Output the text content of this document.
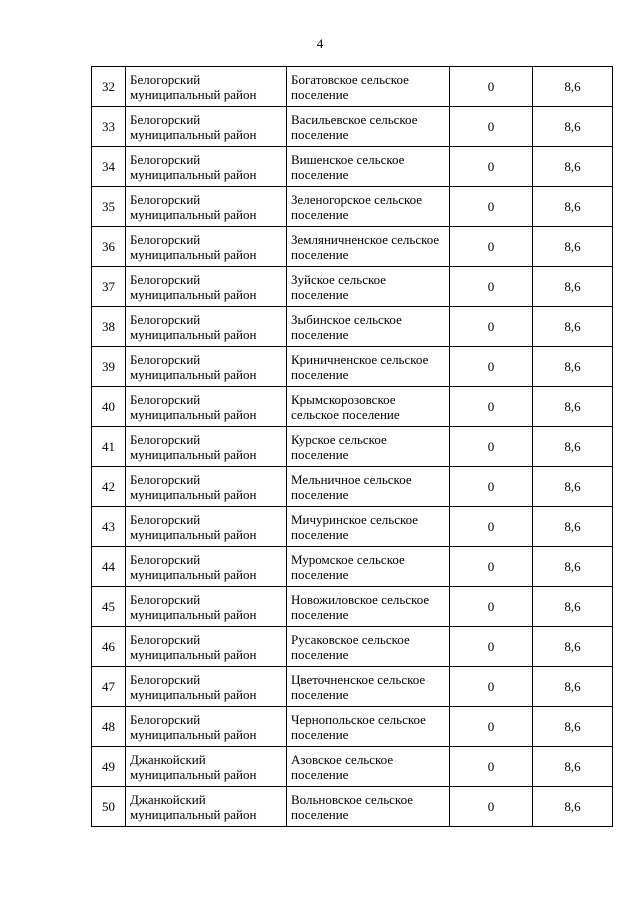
4
32	Белогорский муниципальный район	Богатовское сельское поселение	0	8,6
33	Белогорский муниципальный район	Васильевское сельское поселение	0	8,6
34	Белогорский муниципальный район	Вишенское сельское поселение	0	8,6
35	Белогорский муниципальный район	Зеленогорское сельское поселение	0	8,6
36	Белогорский муниципальный район	Земляничненское сельское поселение	0	8,6
37	Белогорский муниципальный район	Зуйское сельское поселение	0	8,6
38	Белогорский муниципальный район	Зыбинское сельское поселение	0	8,6
39	Белогорский муниципальный район	Криничненское сельское поселение	0	8,6
40	Белогорский муниципальный район	Крымскорозовское сельское поселение	0	8,6
41	Белогорский муниципальный район	Курское сельское поселение	0	8,6
42	Белогорский муниципальный район	Мельничное сельское поселение	0	8,6
43	Белогорский муниципальный район	Мичуринское сельское поселение	0	8,6
44	Белогорский муниципальный район	Муромское сельское поселение	0	8,6
45	Белогорский муниципальный район	Новожиловское сельское поселение	0	8,6
46	Белогорский муниципальный район	Русаковское сельское поселение	0	8,6
47	Белогорский муниципальный район	Цветочненское сельское поселение	0	8,6
48	Белогорский муниципальный район	Чернопольское сельское поселение	0	8,6
49	Джанкойский муниципальный район	Азовское сельское поселение	0	8,6
50	Джанкойский муниципальный район	Вольновское сельское поселение	0	8,6
